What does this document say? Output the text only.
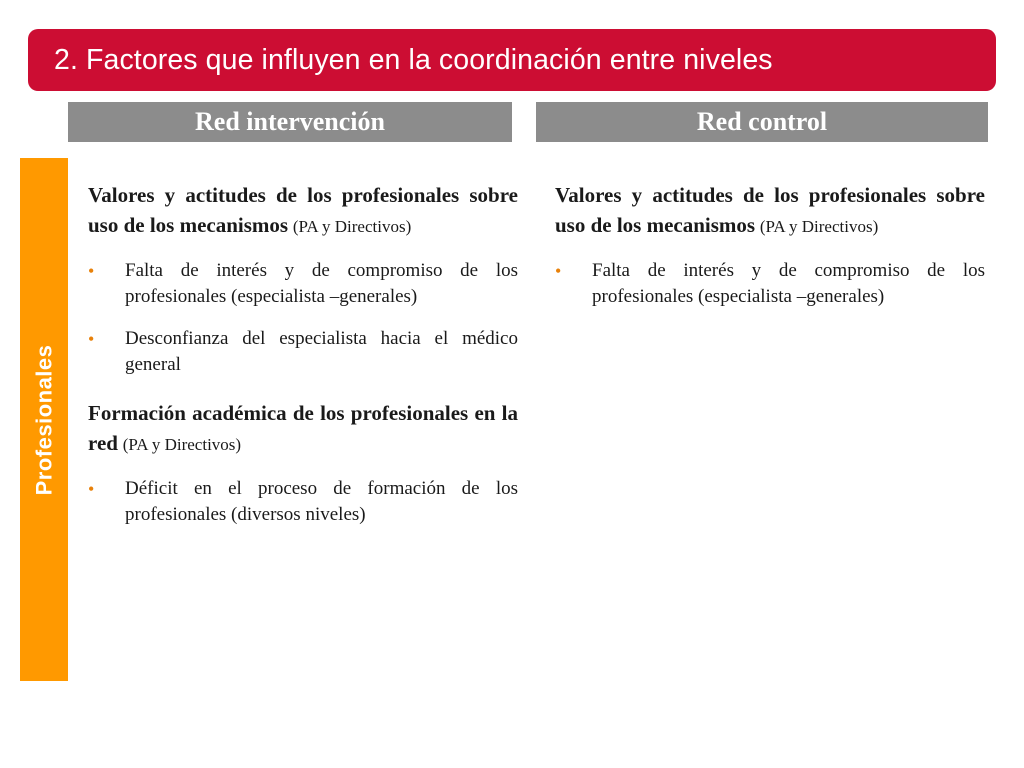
2. Factores que influyen en la coordinación entre niveles
Red intervención	Red control
Profesionales

Valores y actitudes de los profesionales sobre uso de los mecanismos (PA y Directivos)

• Falta de interés y de compromiso de los profesionales (especialista –generales)
• Desconfianza del especialista hacia el médico general

Formación académica de los profesionales en la red (PA y Directivos)

• Déficit en el proceso de formación de los profesionales (diversos niveles)

Valores y actitudes de los profesionales sobre uso de los mecanismos (PA y Directivos)

• Falta de interés y de compromiso de los profesionales (especialista –generales)
